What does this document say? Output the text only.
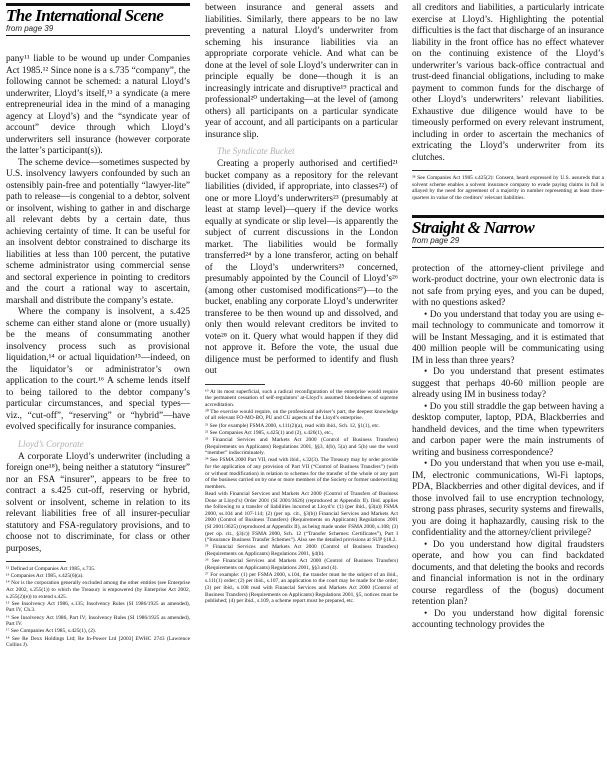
The International Scene
from page 39

pany¹¹ liable to be wound up under Companies Act 1985.¹² Since none is a s.735 “company”, the following cannot be schemed: a natural Lloyd’s underwriter, Lloyd’s itself,¹³ a syndicate (a mere entrepreneurial idea in the mind of a managing agency at Lloyd’s) and the “syndicate year of account” device through which Lloyd’s underwriters sell insurance (however corporate the latter’s participant(s)).

The scheme device—sometimes suspected by U.S. insolvency lawyers confounded by such an ostensibly pain-free and potentially “lawyer-lite” path to release—is congenial to a debtor, solvent or insolvent, wishing to gather in and discharge all relevant debts by a certain date, thus achieving certainty of time. It can be useful for an insolvent debtor constrained to discharge its liabilities at less than 100 percent, the putative scheme administrator using commercial sense and sectoral experience in pointing to creditors and the court a rational way to ascertain, marshall and distribute the company’s estate.

Where the company is insolvent, a s.425 scheme can either stand alone or (more usually) be the means of consummating another insolvency process such as provisional liquidation,¹⁴ or actual liquidation¹⁵—indeed, on the liquidator’s or administrator’s own application to the court.¹⁶ A scheme lends itself to being tailored to the debtor company’s particular circumstances, and special types—viz., “cut-off”, “reserving” or “hybrid”—have evolved specifically for insurance companies.

Lloyd’s Corporate

A corporate Lloyd’s underwriter (including a foreign one¹⁸), being neither a statutory “insurer” nor an FSA “insurer”, appears to be free to contract a s.425 cut-off, reserving or hybrid, solvent or insolvent, scheme in relation to its relevant liabilities free of all insurer-peculiar statutory and FSA-regulatory provisions, and to choose not to discriminate, for class or other purposes,

¹² Defined at Companies Act 1985, s.735.

¹³ Companies Act 1985, s.425(6)(a).

¹⁴ Nor is the corporation generally excluded among the other entities (see Enterprise Act 2002, s.255(1)) to which the Treasury is empowered (by Enterprise Act 2002, s.255(2)(e)) to extend s.425.

¹⁵ See Insolvency Act 1986, s.135; Insolvency Rules (SI 1986/1925 as amended), Part IV, Ch.3.

¹⁶ See Insolvency Act 1986, Part IV; Insolvency Rules (SI 1986/1925 as amended), Part IV.

¹⁷ See Companies Act 1985, s.425(1), (2).

¹⁸ See Re Dexx Holdings Ltd; Re In-Power Ltd [2003] EWHC 2743 (Lawrence Collins J).

between insurance and general assets and liabilities. Similarly, there appears to be no law preventing a natural Lloyd’s underwriter from scheming his insurance liabilities via an appropriate corporate vehicle. And what can be done at the level of sole Lloyd’s underwriter can in principle equally be done—though it is an increasingly intricate and disruptive¹⁹ practical and professional²⁰ undertaking—at the level of (among others) all participants on a particular syndicate year of account, and all participants on a particular insurance slip.

The Syndicate Bucket

Creating a properly authorised and certified²¹ bucket company as a repository for the relevant liabilities (divided, if appropriate, into classes²²) of one or more Lloyd’s underwriters²³ (presumably at least at stamp level)—query if the device works equally at syndicate or slip level—is apparently the subject of current discussions in the London market. The liabilities would be formally transferred²⁴ by a lone transferor, acting on behalf of the Lloyd’s underwriters²⁵ concerned, presumably appointed by the Council of Lloyd’s²⁶ (among other customised modifications²⁷)—to the bucket, enabling any corporate Lloyd’s underwriter transferee to be then wound up and dissolved, and only then would relevant creditors be invited to vote²⁸ on it. Query what would happen if they did not approve it. Before the vote, the usual due diligence must be performed to identify and flush out

¹⁹ At its most superficial, such a radical reconfiguration of the enterprise would require the permanent cessation of self-regulators’ at-Lloyd’s assumed bloodedness of supreme accreditation.

²⁰ The exercise would require, on the professional adviser’s part, the deepest knowledge of all relevant FO-MO-BO, PU and CU aspects of the Lloyd’s enterprise.

²¹ See (for example) FSMA 2000, s.111(2)(a), read with ibid., Sch. 12, §1(1), etc.

²² See Companies Act 1985, s.425(1) and (2), s.426(1), etc.,

²³ Financial Services and Markets Act 2000 (Control of Business Transfers) (Requirements on Applicants) Regulations 2001, §§3, 4(b), 5(a) and 5(b) use the word “member” indiscriminately.

²⁴ See FSMA 2000 Part VII, read with ibid., s.32(3). The Treasury may by order provide for the application of any provision of Part VII (“Control of Business Transfers”) (with or without modification) in relation to schemes for the transfer of the whole or any part of the business carried on by one or more members of the Society or former underwriting members.

Read with Financial Services and Markets Act 2000 (Control of Transfers of Business Done at Lloyd’s) Order 2001 (SI 2001/3626) (reproduced at Appendix II). Ibid. applies the following to a transfer of liabilities incurred at Lloyd’s: (1) (per ibid., §3(a)) FSMA 2000, ss.104 and 107-114; (2) (per op. cit., §3(b)) Financial Services and Markets Act 2000 (Control of Business Transfers) (Requirements on Applicants) Regulations 2001 (SI 2001/3625) (reproduced at Appendix II), as being made under FSMA 2000, s.108; (3) (per op. cit., §3(c)) FSMA 2000, Sch. 12 (“Transfer Schemes: Certificates”), Part I (“Insurance Business Transfer Schemes”). Also see the detailed provisions at SUP §18.2.

²⁵ Financial Services and Markets Act 2000 (Control of Business Transfers) (Requirements on Applicants) Regulations 2001, §4(b).

²⁶ See Financial Services and Markets Act 2000 (Control of Business Transfers) (Requirements on Applicants) Regulations 2001, §§3 and (4).

²⁷ For example: (1) per FSMA 2000, s.104, the transfer must be the subject of an ibid., s.111(1) order; (2) per ibid., s.107, an application to the court may be made for the order; (3) per ibid., s.108 read with Financial Services and Markets Act 2000 (Control of Business Transfers) (Requirements on Applicants) Regulations 2001, §5, notices must be published; (4) per ibid., s.109, a scheme report must be prepared, etc.

all creditors and liabilities, a particularly intricate exercise at Lloyd’s. Highlighting the potential difficulties is the fact that discharge of an insurance liability in the front office has no effect whatever on the continuing existence of the Lloyd’s underwriter’s various back-office contractual and trust-deed financial obligations, including to make payment to common funds for the discharge of other Lloyd’s underwriters’ relevant liabilities. Exhaustive due diligence would have to be timeously performed on every relevant instrument, including in order to ascertain the mechanics of extricating the Lloyd’s underwriter from its clutches.

²⁸ See Companies Act 1985 s.425(2): Consent, heard expressed by U.S. assureds that a solvent scheme enables a solvent insurance company to evade paying claims in full is allayed by the need for agreement of a majority in number representing at least three-quarters in value of the creditors’ relevant liabilities.

Straight & Narrow
from page 29

protection of the attorney-client privilege and work-product doctrine, your own electronic data is not safe from prying eyes, and you can be duped, with no questions asked?

• Do you understand that today you are using e-mail technology to communicate and tomorrow it will be Instant Messaging, and it is estimated that 400 million people will be communicating using IM in less than three years?

• Do you understand that present estimates suggest that perhaps 40-60 million people are already using IM in business today?

• Do you still straddle the gap between having a desktop computer, laptop, PDA, Blackberries and handheld devices, and the time when typewriters and carbon paper were the main instruments of writing and business correspondence?

• Do you understand that when you use e-mail, IM, electronic communications, Wi-Fi laptops, PDA, Blackberries and other digital devices, and if those involved fail to use encryption technology, strong pass phrases, security systems and firewalls, you are doing it haphazardly, causing risk to the confidentiality and the attorney/client privilege?

• Do you understand how digital fraudsters operate, and how you can find backdated documents, and that deleting the books and records and financial information is not in the ordinary course regardless of the (bogus) document retention plan?

• Do you understand how digital forensic accounting technology provides the
